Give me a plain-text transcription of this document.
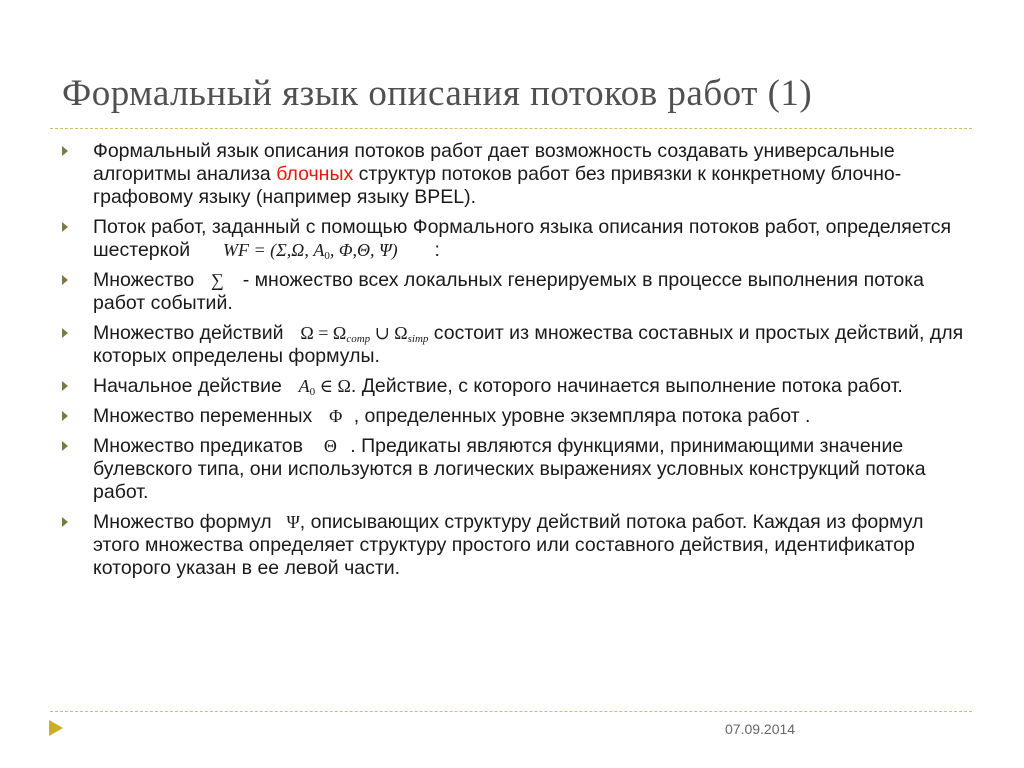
Формальный язык описания потоков работ (1)
Формальный язык описания потоков работ дает возможность создавать универсальные алгоритмы анализа блочных структур потоков работ без привязки к конкретному блочно-графовому языку (например языку BPEL).
Поток работ, заданный с помощью Формального языка описания потоков работ, определяется шестеркой WF = (Σ,Ω, $A_0$, Φ,Θ, Ψ) :
Множество ∑  - множество всех локальных генерируемых в процессе выполнения потока работ событий.
Множество действий $\Omega = \Omega_{comp}$ ∪ $\Omega_{simp}$ состоит из множества составных и простых действий, для которых определены формулы.
Начальное действие $A_0$ ∈ Ω. Действие, с которого начинается выполнение потока работ.
Множество переменных Φ , определенных уровне экземпляра потока работ .
Множество предикатов Θ . Предикаты являются функциями, принимающими значение булевского типа, они используются в логических выражениях условных конструкций потока работ.
Множество формул Ψ, описывающих структуру действий потока работ. Каждая из формул этого множества определяет структуру простого или составного действия, идентификатор которого указан в ее левой части.
07.09.2014
